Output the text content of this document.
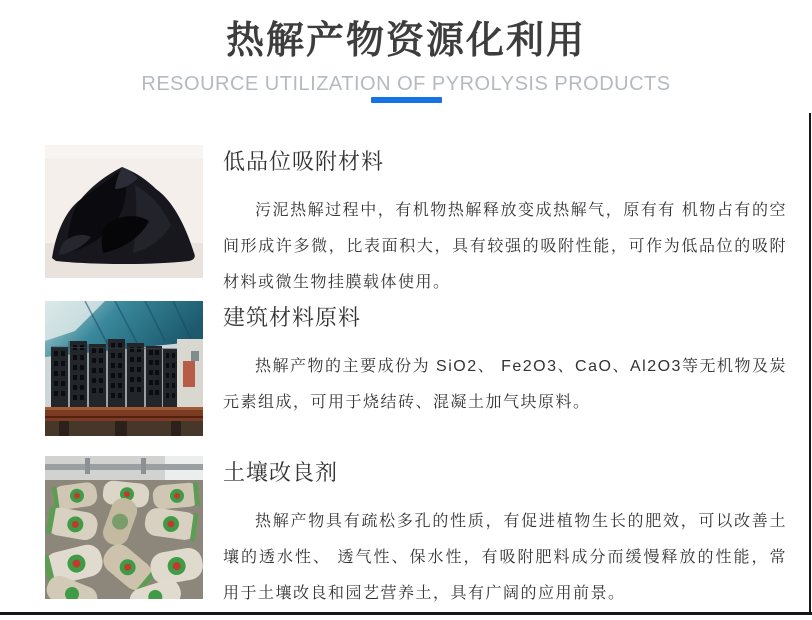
热解产物资源化利用
RESOURCE UTILIZATION OF PYROLYSIS PRODUCTS
低品位吸附材料

污泥热解过程中，有机物热解释放变成热解气，原有有 机物占有的空间形成许多微，比表面积大，具有较强的吸附性能，可作为低品位的吸附材料或微生物挂膜载体使用。

建筑材料原料

热解产物的主要成份为 SiO2、 Fe2O3、CaO、Al2O3等无机物及炭元素组成，可用于烧结砖、混凝土加气块原料。

土壤改良剂

热解产物具有疏松多孔的性质，有促进植物生长的肥效，可以改善土壤的透水性、 透气性、保水性，有吸附肥料成分而缓慢释放的性能，常用于土壤改良和园艺营养土，具有广阔的应用前景。
